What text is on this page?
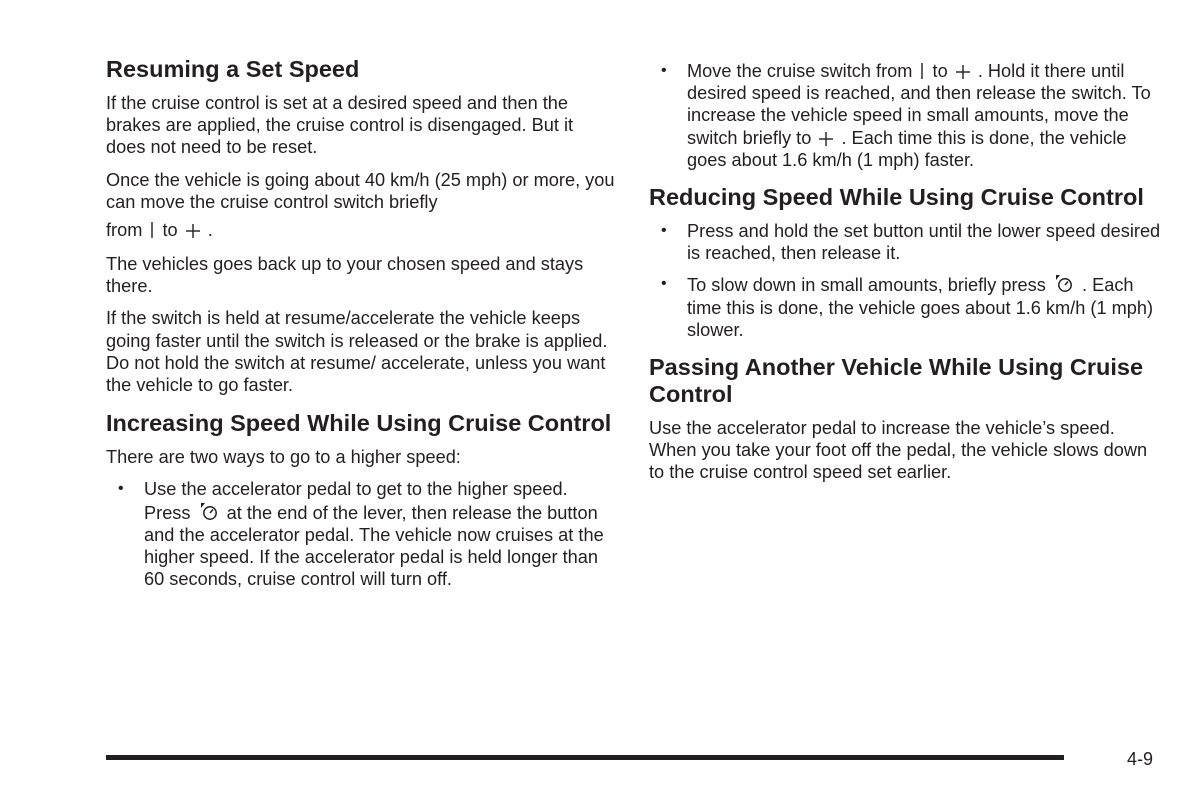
Resuming a Set Speed

If the cruise control is set at a desired speed and then the brakes are applied, the cruise control is disengaged. But it does not need to be reset.

Once the vehicle is going about 40 km/h (25 mph) or more, you can move the cruise control switch briefly
from to .

The vehicles goes back up to your chosen speed and stays there.

If the switch is held at resume/accelerate the vehicle keeps going faster until the switch is released or the brake is applied. Do not hold the switch at resume/ accelerate, unless you want the vehicle to go faster.

Increasing Speed While Using Cruise Control

There are two ways to go to a higher speed:

• Use the accelerator pedal to get to the higher speed. Press at the end of the lever, then release the button and the accelerator pedal. The vehicle now cruises at the higher speed. If the accelerator pedal is held longer than 60 seconds, cruise control will turn off.
• Move the cruise switch from to . Hold it there until desired speed is reached, and then release the switch. To increase the vehicle speed in small amounts, move the switch briefly to . Each time this is done, the vehicle goes about 1.6 km/h (1 mph) faster.
Reducing Speed While Using Cruise Control
• Press and hold the set button until the lower speed desired is reached, then release it.
• To slow down in small amounts, briefly press . Each time this is done, the vehicle goes about 1.6 km/h (1 mph) slower.
Passing Another Vehicle While Using Cruise Control

Use the accelerator pedal to increase the vehicle’s speed. When you take your foot off the pedal, the vehicle slows down to the cruise control speed set earlier.

4-9
